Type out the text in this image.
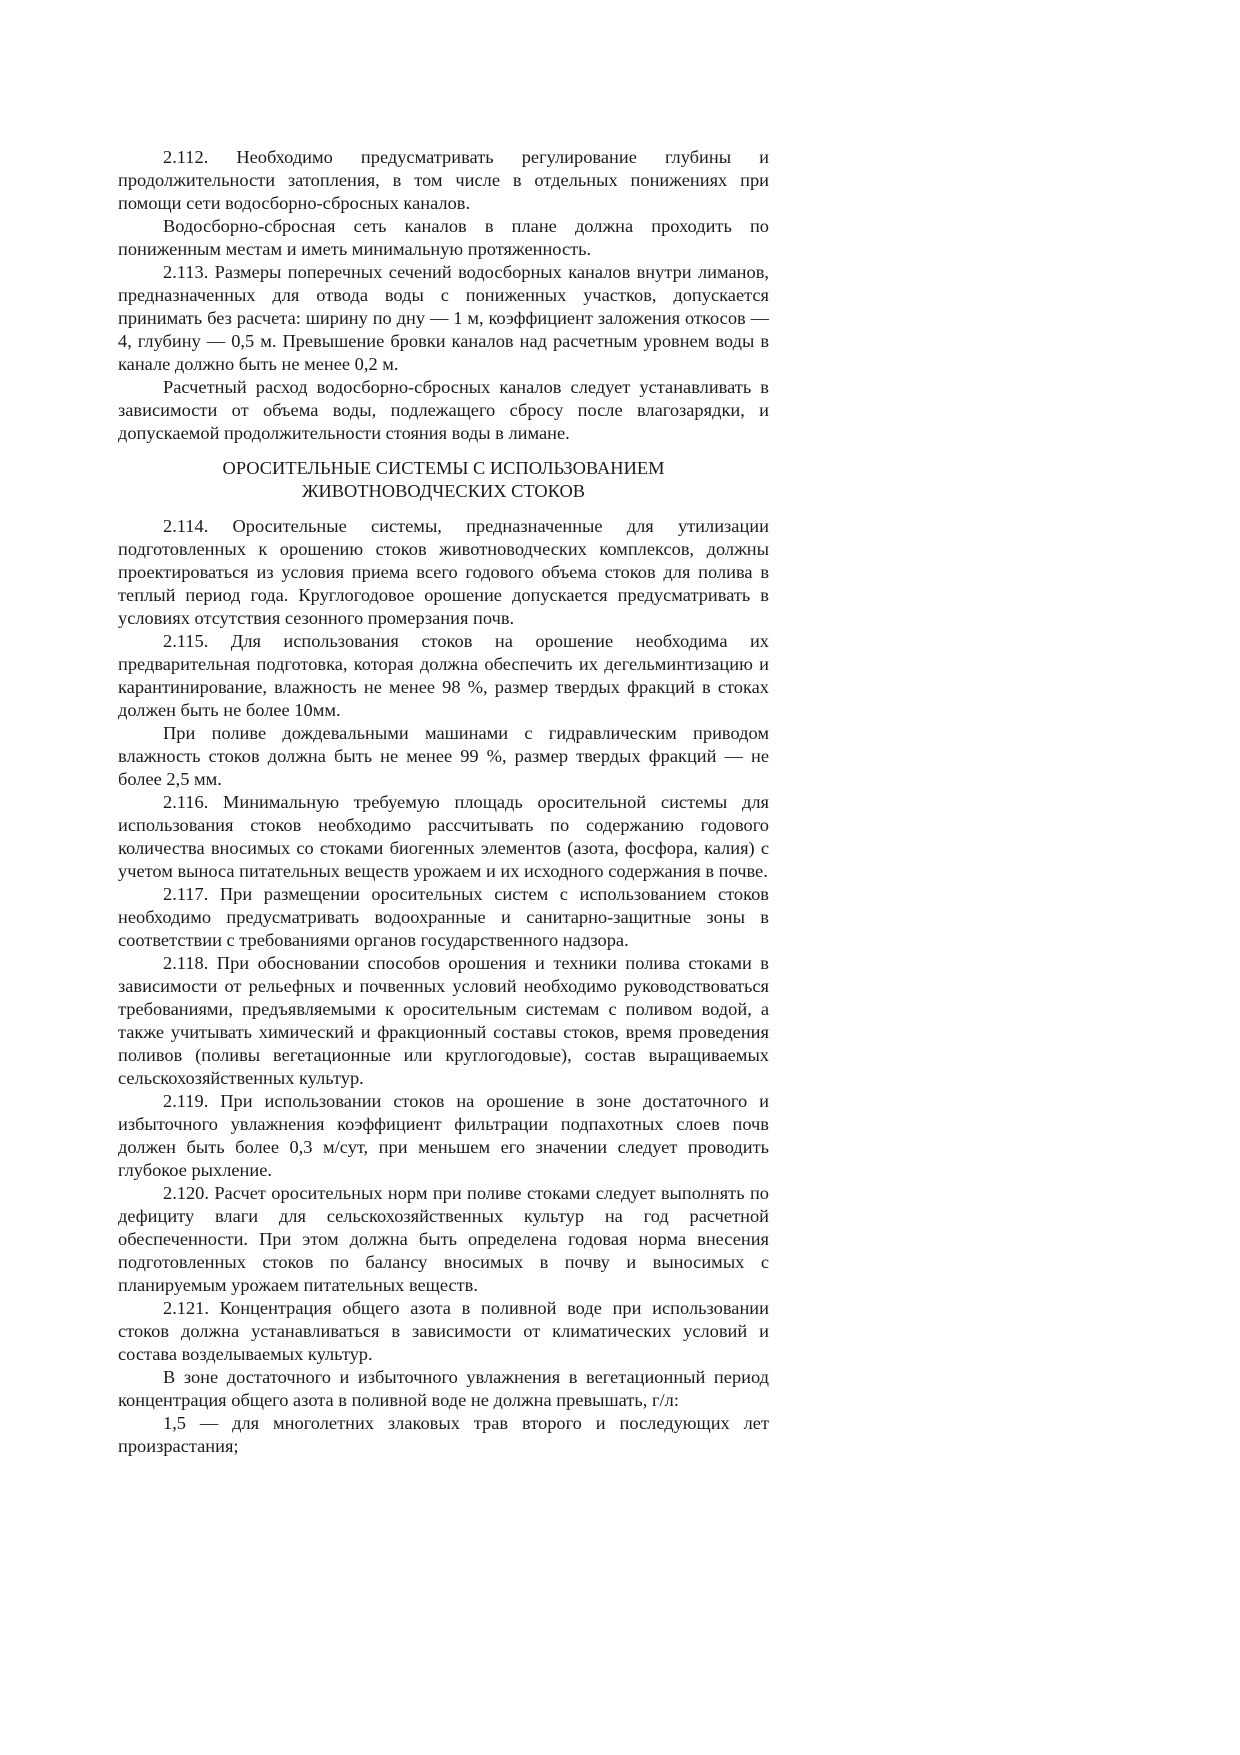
2.112. Необходимо предусматривать регулирование глубины и продолжительности затопления, в том числе в отдельных понижениях при помощи сети водосборно-сбросных каналов.

Водосборно-сбросная сеть каналов в плане должна проходить по пониженным местам и иметь минимальную протяженность.

2.113. Размеры поперечных сечений водосборных каналов внутри лиманов, предназначенных для отвода воды с пониженных участков, допускается принимать без расчета: ширину по дну — 1 м, коэффициент заложения откосов — 4, глубину — 0,5 м. Превышение бровки каналов над расчетным уровнем воды в канале должно быть не менее 0,2 м.

Расчетный расход водосборно-сбросных каналов следует устанавливать в зависимости от объема воды, подлежащего сбросу после влагозарядки, и допускаемой продолжительности стояния воды в лимане.

ОРОСИТЕЛЬНЫЕ СИСТЕМЫ С ИСПОЛЬЗОВАНИЕМ
ЖИВОТНОВОДЧЕСКИХ СТОКОВ

2.114. Оросительные системы, предназначенные для утилизации подготовленных к орошению стоков животноводческих комплексов, должны проектироваться из условия приема всего годового объема стоков для полива в теплый период года. Круглогодовое орошение допускается предусматривать в условиях отсутствия сезонного промерзания почв.

2.115. Для использования стоков на орошение необходима их предварительная подготовка, которая должна обеспечить их дегельминтизацию и карантинирование, влажность не менее 98 %, размер твердых фракций в стоках должен быть не более 10мм.

При поливе дождевальными машинами с гидравлическим приводом влажность стоков должна быть не менее 99 %, размер твердых фракций — не более 2,5 мм.

2.116. Минимальную требуемую площадь оросительной системы для использования стоков необходимо рассчитывать по содержанию годового количества вносимых со стоками биогенных элементов (азота, фосфора, калия) с учетом выноса питательных веществ урожаем и их исходного содержания в почве.

2.117. При размещении оросительных систем с использованием стоков необходимо предусматривать водоохранные и санитарно-защитные зоны в соответствии с требованиями органов государственного надзора.

2.118. При обосновании способов орошения и техники полива стоками в зависимости от рельефных и почвенных условий необходимо руководствоваться требованиями, предъявляемыми к оросительным системам с поливом водой, а также учитывать химический и фракционный составы стоков, время проведения поливов (поливы вегетационные или круглогодовые), состав выращиваемых сельскохозяйственных культур.

2.119. При использовании стоков на орошение в зоне достаточного и избыточного увлажнения коэффициент фильтрации подпахотных слоев почв должен быть более 0,3 м/сут, при меньшем его значении следует проводить глубокое рыхление.

2.120. Расчет оросительных норм при поливе стоками следует выполнять по дефициту влаги для сельскохозяйственных культур на год расчетной обеспеченности. При этом должна быть определена годовая норма внесения подготовленных стоков по балансу вносимых в почву и выносимых с планируемым урожаем питательных веществ.

2.121. Концентрация общего азота в поливной воде при использовании стоков должна устанавливаться в зависимости от климатических условий и состава возделываемых культур.

В зоне достаточного и избыточного увлажнения в вегетационный период концентрация общего азота в поливной воде не должна превышать, г/л:

1,5 — для многолетних злаковых трав второго и последующих лет произрастания;
